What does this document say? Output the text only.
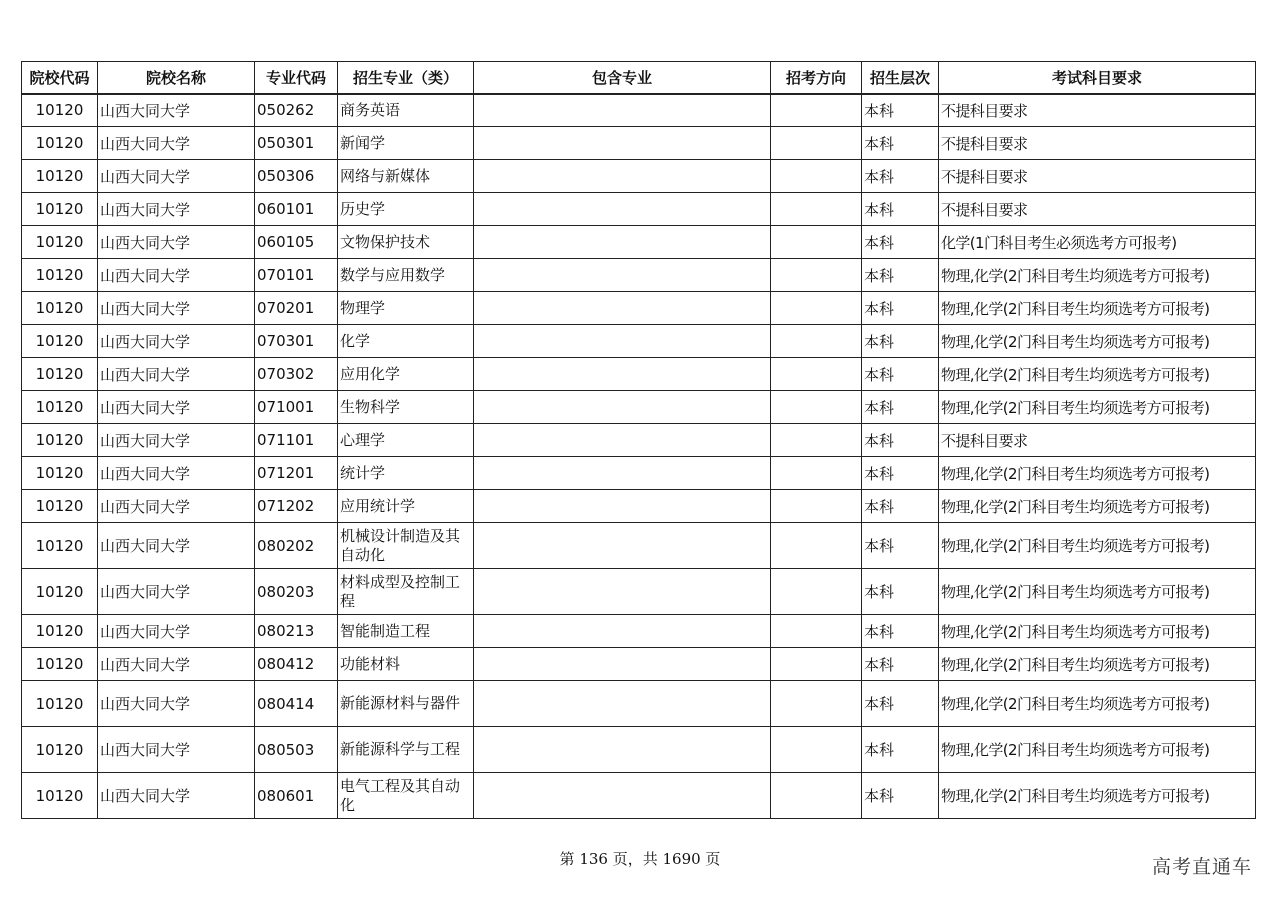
院校代码	院校名称	专业代码	招生专业（类）	包含专业	招考方向	招生层次	考试科目要求
10120	山西大同大学	050262	商务英语			本科	不提科目要求
10120	山西大同大学	050301	新闻学			本科	不提科目要求
10120	山西大同大学	050306	网络与新媒体			本科	不提科目要求
10120	山西大同大学	060101	历史学			本科	不提科目要求
10120	山西大同大学	060105	文物保护技术			本科	化学(1门科目考生必须选考方可报考)
10120	山西大同大学	070101	数学与应用数学			本科	物理,化学(2门科目考生均须选考方可报考)
10120	山西大同大学	070201	物理学			本科	物理,化学(2门科目考生均须选考方可报考)
10120	山西大同大学	070301	化学			本科	物理,化学(2门科目考生均须选考方可报考)
10120	山西大同大学	070302	应用化学			本科	物理,化学(2门科目考生均须选考方可报考)
10120	山西大同大学	071001	生物科学			本科	物理,化学(2门科目考生均须选考方可报考)
10120	山西大同大学	071101	心理学			本科	不提科目要求
10120	山西大同大学	071201	统计学			本科	物理,化学(2门科目考生均须选考方可报考)
10120	山西大同大学	071202	应用统计学			本科	物理,化学(2门科目考生均须选考方可报考)
10120	山西大同大学	080202	机械设计制造及其自动化			本科	物理,化学(2门科目考生均须选考方可报考)
10120	山西大同大学	080203	材料成型及控制工程			本科	物理,化学(2门科目考生均须选考方可报考)
10120	山西大同大学	080213	智能制造工程			本科	物理,化学(2门科目考生均须选考方可报考)
10120	山西大同大学	080412	功能材料			本科	物理,化学(2门科目考生均须选考方可报考)
10120	山西大同大学	080414	新能源材料与器件			本科	物理,化学(2门科目考生均须选考方可报考)
10120	山西大同大学	080503	新能源科学与工程			本科	物理,化学(2门科目考生均须选考方可报考)
10120	山西大同大学	080601	电气工程及其自动化			本科	物理,化学(2门科目考生均须选考方可报考)
第 136 页，共 1690 页	高考直通车
